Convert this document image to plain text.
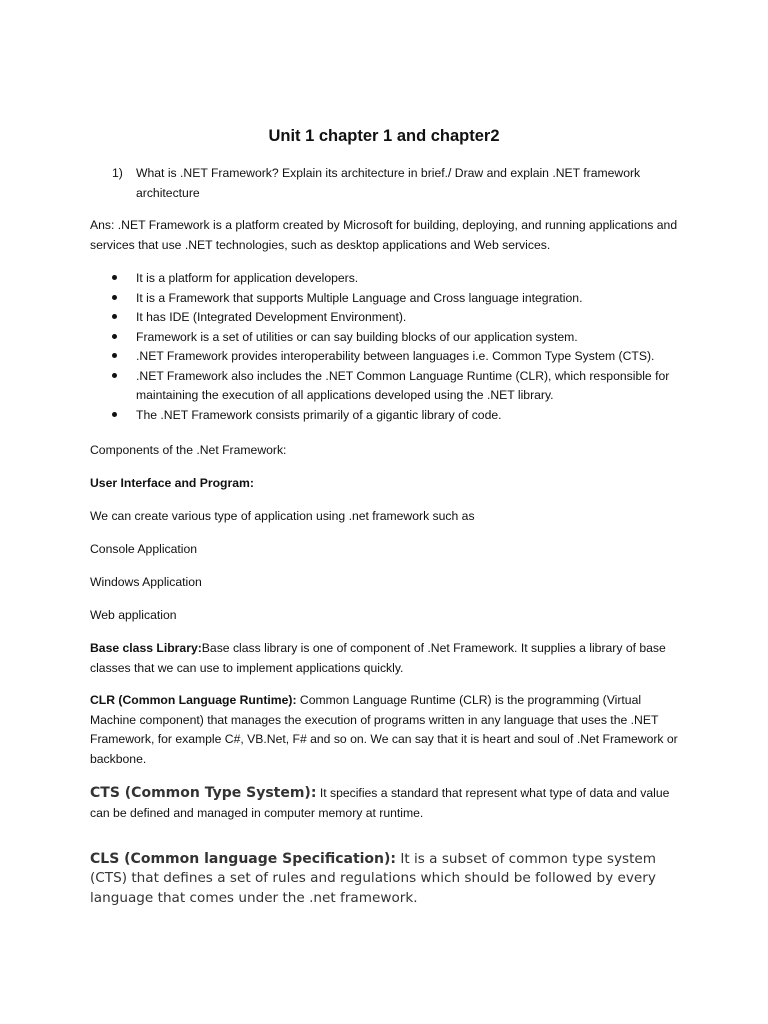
Unit 1 chapter 1 and chapter2
1) What is .NET Framework? Explain its architecture in brief./ Draw and explain .NET framework architecture

Ans: .NET Framework is a platform created by Microsoft for building, deploying, and running applications and services that use .NET technologies, such as desktop applications and Web services.

It is a platform for application developers.
It is a Framework that supports Multiple Language and Cross language integration.
It has IDE (Integrated Development Environment).
Framework is a set of utilities or can say building blocks of our application system.
.NET Framework provides interoperability between languages i.e. Common Type System (CTS).
.NET Framework also includes the .NET Common Language Runtime (CLR), which responsible for maintaining the execution of all applications developed using the .NET library.
The .NET Framework consists primarily of a gigantic library of code.

Components of the .Net Framework:

User Interface and Program:

We can create various type of application using .net framework such as

Console Application

Windows Application

Web application

Base class Library:Base class library is one of component of .Net Framework. It supplies a library of base classes that we can use to implement applications quickly.

CLR (Common Language Runtime): Common Language Runtime (CLR) is the programming (Virtual Machine component) that manages the execution of programs written in any language that uses the .NET Framework, for example C#, VB.Net, F# and so on. We can say that it is heart and soul of .Net Framework or backbone.

CTS (Common Type System): It specifies a standard that represent what type of data and value can be defined and managed in computer memory at runtime.

CLS (Common language Specification): It is a subset of common type system (CTS) that defines a set of rules and regulations which should be followed by every language that comes under the .net framework.
